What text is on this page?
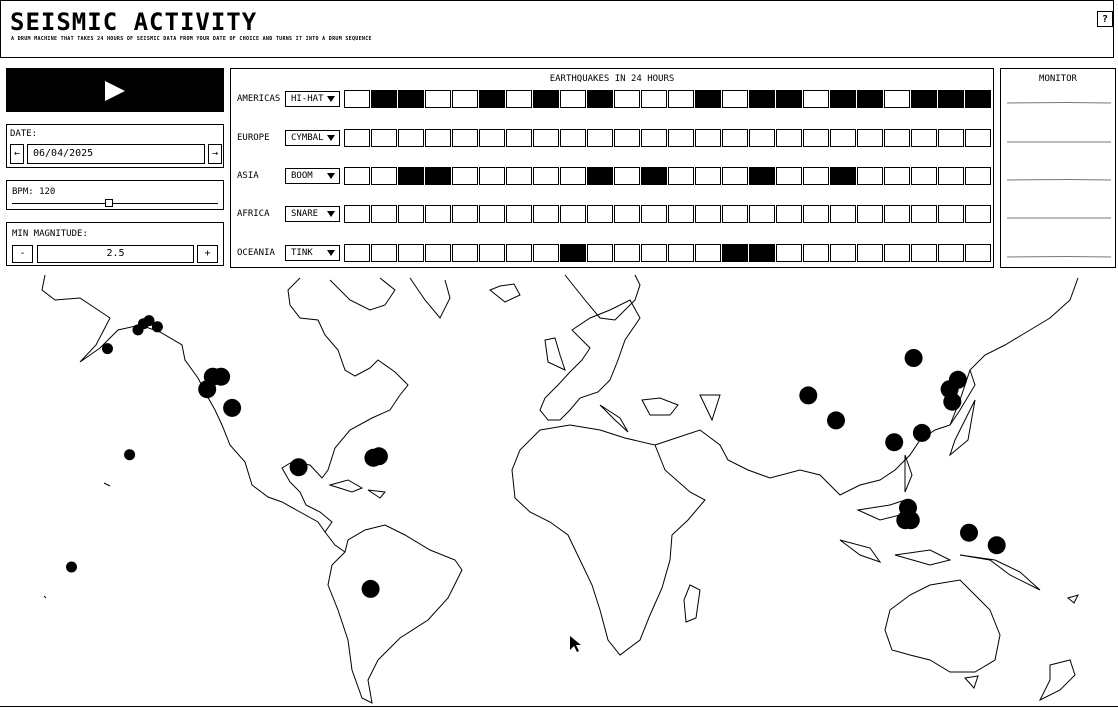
SEISMIC ACTIVITY
A DRUM MACHINE THAT TAKES 24 HOURS OF SEISMIC DATA FROM YOUR DATE OF CHOICE AND TURNS IT INTO A DRUM SEQUENCE
?
DATE:
←	06/04/2025	→
BPM: 120
MIN MAGNITUDE:
-	2.5	+
EARTHQUAKES IN 24 HOURS
AMERICAS	HI-HAT
EUROPE	CYMBAL
ASIA	BOOM
AFRICA	SNARE
OCEANIA	TINK
MONITOR
